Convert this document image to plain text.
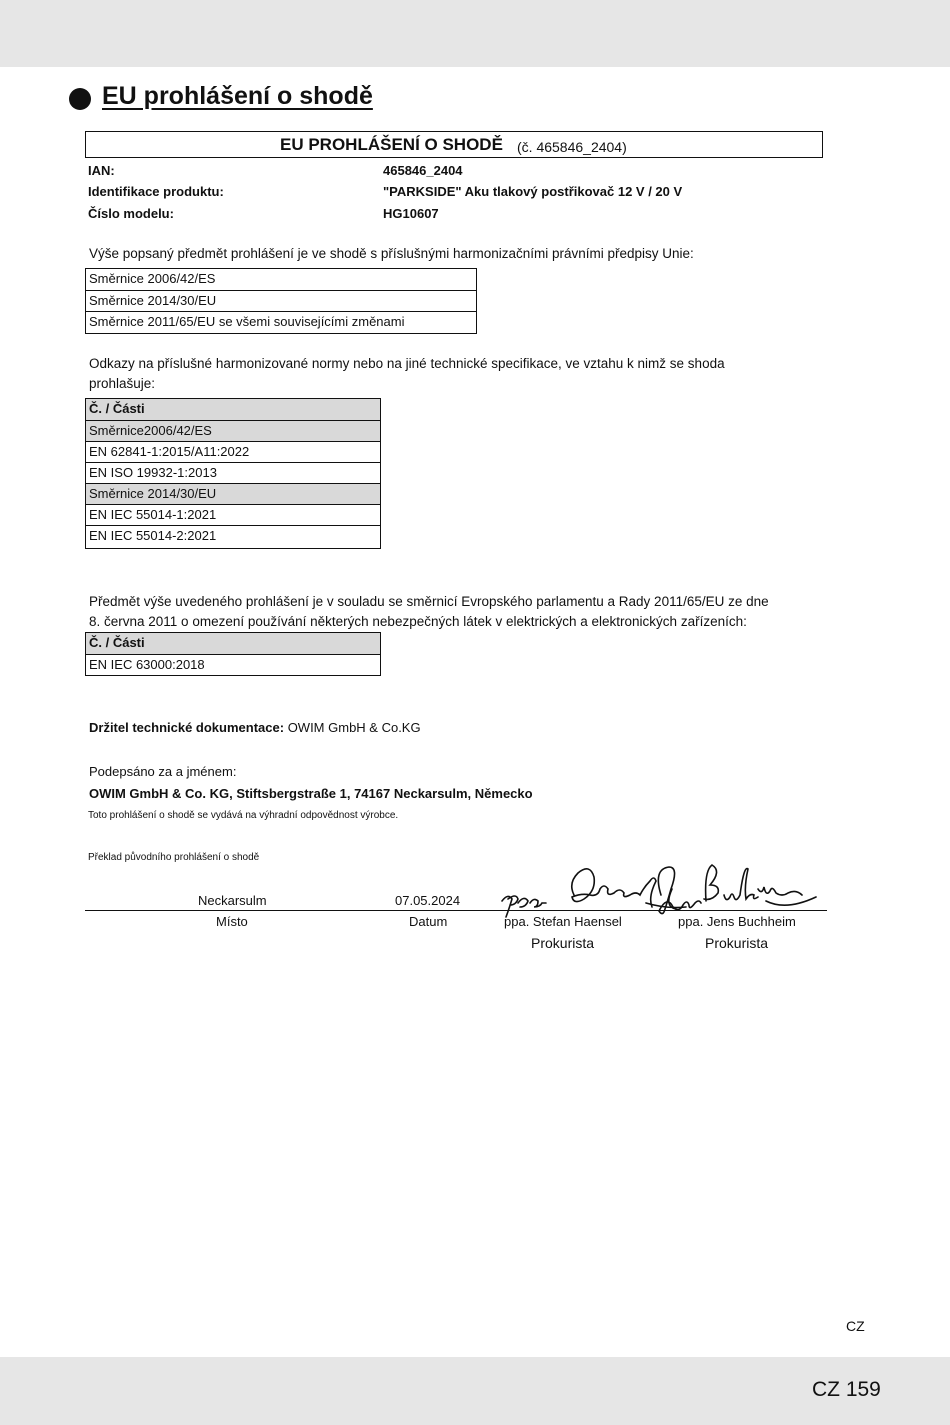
EU prohlášení o shodě
EU PROHLÁŠENÍ O SHODĚ (č. 465846_2404)
IAN:	465846_2404
Identifikace produktu:	"PARKSIDE" Aku tlakový postřikovač 12 V / 20 V
Číslo modelu:	HG10607
Výše popsaný předmět prohlášení je ve shodě s příslušnými harmonizačními právními předpisy Unie:
Směrnice 2006/42/ES
Směrnice 2014/30/EU
Směrnice 2011/65/EU se všemi souvisejícími změnami
Odkazy na příslušné harmonizované normy nebo na jiné technické specifikace, ve vztahu k nimž se shoda
prohlašuje:
Č. / Části
Směrnice2006/42/ES
EN 62841-1:2015/A11:2022
EN ISO 19932-1:2013
Směrnice 2014/30/EU
EN IEC 55014-1:2021
EN IEC 55014-2:2021
Předmět výše uvedeného prohlášení je v souladu se směrnicí Evropského parlamentu a Rady 2011/65/EU ze dne
8. června 2011 o omezení používání některých nebezpečných látek v elektrických a elektronických zařízeních:
Č. / Části
EN IEC 63000:2018
Držitel technické dokumentace: OWIM GmbH & Co.KG
Podepsáno za a jménem:
OWIM GmbH & Co. KG, Stiftsbergstraße 1, 74167 Neckarsulm, Německo
Toto prohlášení o shodě se vydává na výhradní odpovědnost výrobce.
Překlad původního prohlášení o shodě
Neckarsulm	07.05.2024
Místo	Datum	ppa. Stefan Haensel	ppa. Jens Buchheim
Prokurista	Prokurista
CZ
CZ 159
